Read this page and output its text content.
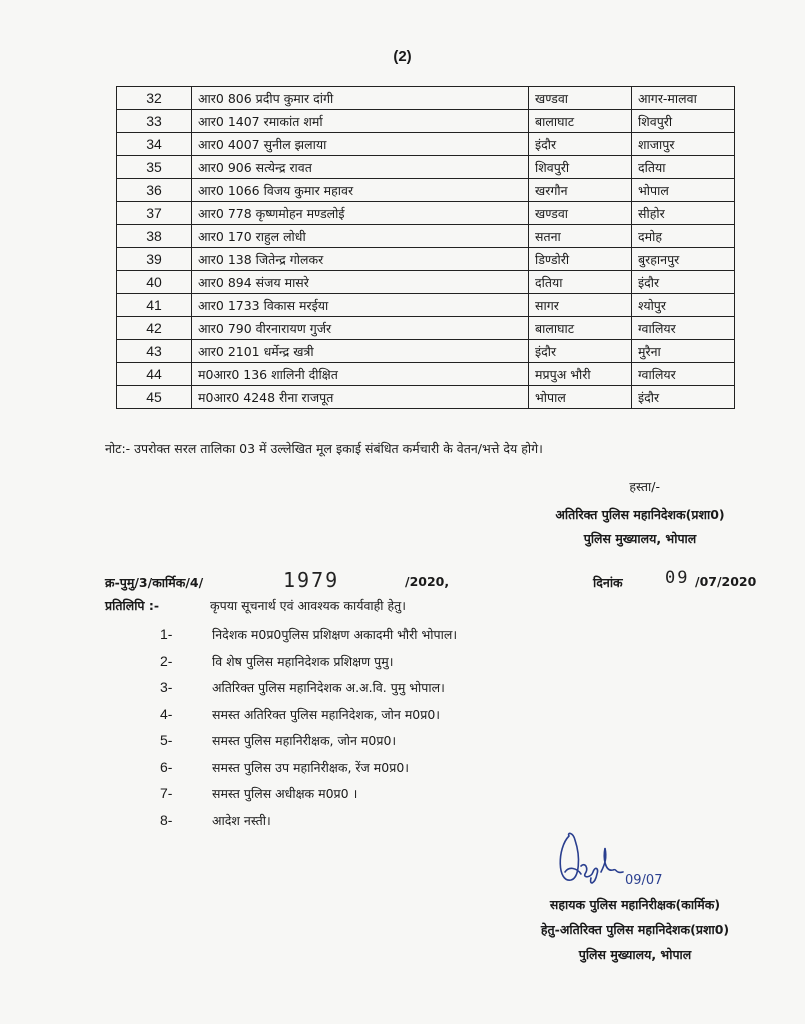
(2)
32	आर0 806 प्रदीप कुमार दांगी	खण्डवा	आगर-मालवा
33	आर0 1407 रमाकांत शर्मा	बालाघाट	शिवपुरी
34	आर0 4007 सुनील झलाया	इंदौर	शाजापुर
35	आर0 906 सत्येन्द्र रावत	शिवपुरी	दतिया
36	आर0 1066 विजय कुमार महावर	खरगौन	भोपाल
37	आर0 778 कृष्णमोहन मण्डलोई	खण्डवा	सीहोर
38	आर0 170 राहुल लोधी	सतना	दमोह
39	आर0 138 जितेन्द्र गोलकर	डिण्डोरी	बुरहानपुर
40	आर0 894 संजय मासरे	दतिया	इंदौर
41	आर0 1733 विकास मरईया	सागर	श्योपुर
42	आर0 790 वीरनारायण गुर्जर	बालाघाट	ग्वालियर
43	आर0 2101 धर्मेन्द्र खत्री	इंदौर	मुरैना
44	म0आर0 136 शालिनी दीक्षित	मप्रपुअ भौरी	ग्वालियर
45	म0आर0 4248 रीना राजपूत	भोपाल	इंदौर
नोट:- उपरोक्त सरल तालिका 03 में उल्लेखित मूल इकाई संबंधित कर्मचारी के वेतन/भत्ते देय होगे।
हस्ता/-
अतिरिक्त पुलिस महानिदेशक(प्रशा0)
पुलिस मुख्यालय, भोपाल
क्र-पुमु/3/कार्मिक/4/	1979	/2020,	दिनांक 09 /07/2020
प्रतिलिपि :-	कृपया सूचनार्थ एवं आवश्यक कार्यवाही हेतु।
1-	निदेशक म0प्र0पुलिस प्रशिक्षण अकादमी भौरी भोपाल।
2-	वि शेष पुलिस महानिदेशक प्रशिक्षण पुमु।
3-	अतिरिक्त पुलिस महानिदेशक अ.अ.वि. पुमु भोपाल।
4-	समस्त अतिरिक्त पुलिस महानिदेशक, जोन म0प्र0।
5-	समस्त पुलिस महानिरीक्षक, जोन म0प्र0।
6-	समस्त पुलिस उप महानिरीक्षक, रेंज म0प्र0।
7-	समस्त पुलिस अधीक्षक म0प्र0 ।
8-	आदेश नस्ती।
09/07
सहायक पुलिस महानिरीक्षक(कार्मिक)
हेतु-अतिरिक्त पुलिस महानिदेशक(प्रशा0)
पुलिस मुख्यालय, भोपाल
